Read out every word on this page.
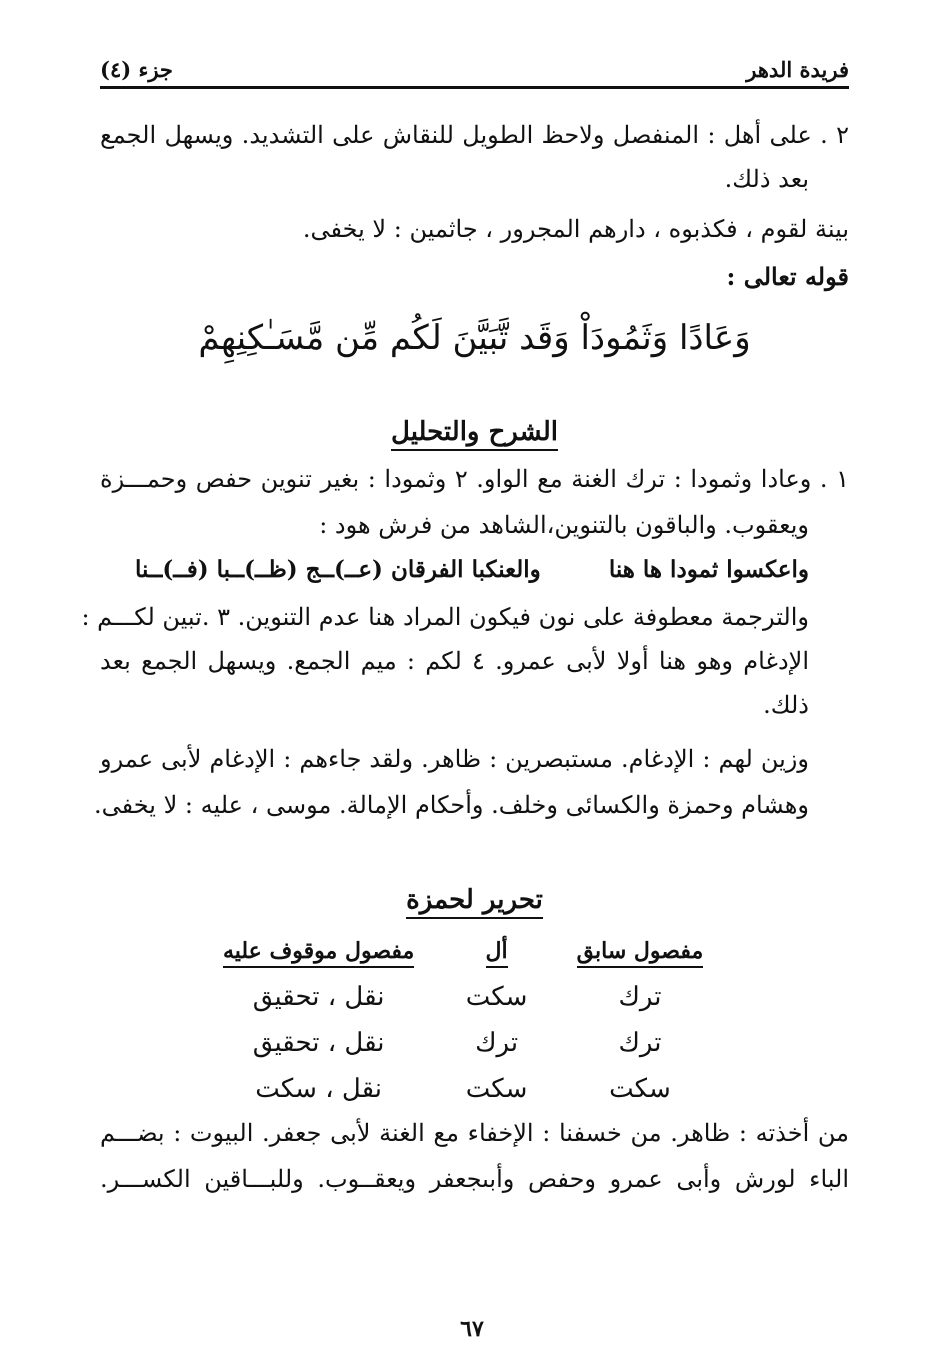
فريدة الدهر
جزء (٤)
٢ . على أهل : المنفصل ولاحظ الطويل للنقاش على التشديد. ويسهل الجمع
بعد ذلك.
بينة لقوم ، فكذبوه ، دارهم المجرور ، جاثمين : لا يخفى.
قوله تعالى :
وَعَادًا وَثَمُودَاْ وَقَد تَّبَيَّنَ لَكُم مِّن مَّسَـٰكِنِهِمْ
الشرح والتحليل
١ . وعادا وثمودا : ترك الغنة مع الواو. ٢ وثمودا : بغير تنوين حفص وحمـــزة
ويعقوب. والباقون بالتنوين،الشاهد من فرش هود :
واعكسوا ثمودا ها هنا
والعنكبا الفرقان (عــ)ــج (ظــ)ــبا (فــ)ــنا
والترجمة معطوفة على نون فيكون المراد هنا عدم التنوين. ٣ .تبين لكـــم :
الإدغام وهو هنا أولا لأبى عمرو. ٤ لكم : ميم الجمع. ويسهل الجمع بعد
ذلك.
وزين لهم : الإدغام. مستبصرين : ظاهر. ولقد جاءهم : الإدغام لأبى عمرو
وهشام وحمزة والكسائى وخلف. وأحكام الإمالة. موسى ، عليه : لا يخفى.
تحرير لحمزة
مفصول سابق
أل
مفصول موقوف عليه
ترك
سكت
نقل ، تحقيق
ترك
ترك
نقل ، تحقيق
سكت
سكت
نقل ، سكت
من أخذته : ظاهر. من خسفنا : الإخفاء مع الغنة لأبى جعفر. البيوت : بضـــم
الباء لورش وأبى عمرو وحفص وأبىجعفر ويعقــوب. وللبـــاقين الكســـر.
٦٧
